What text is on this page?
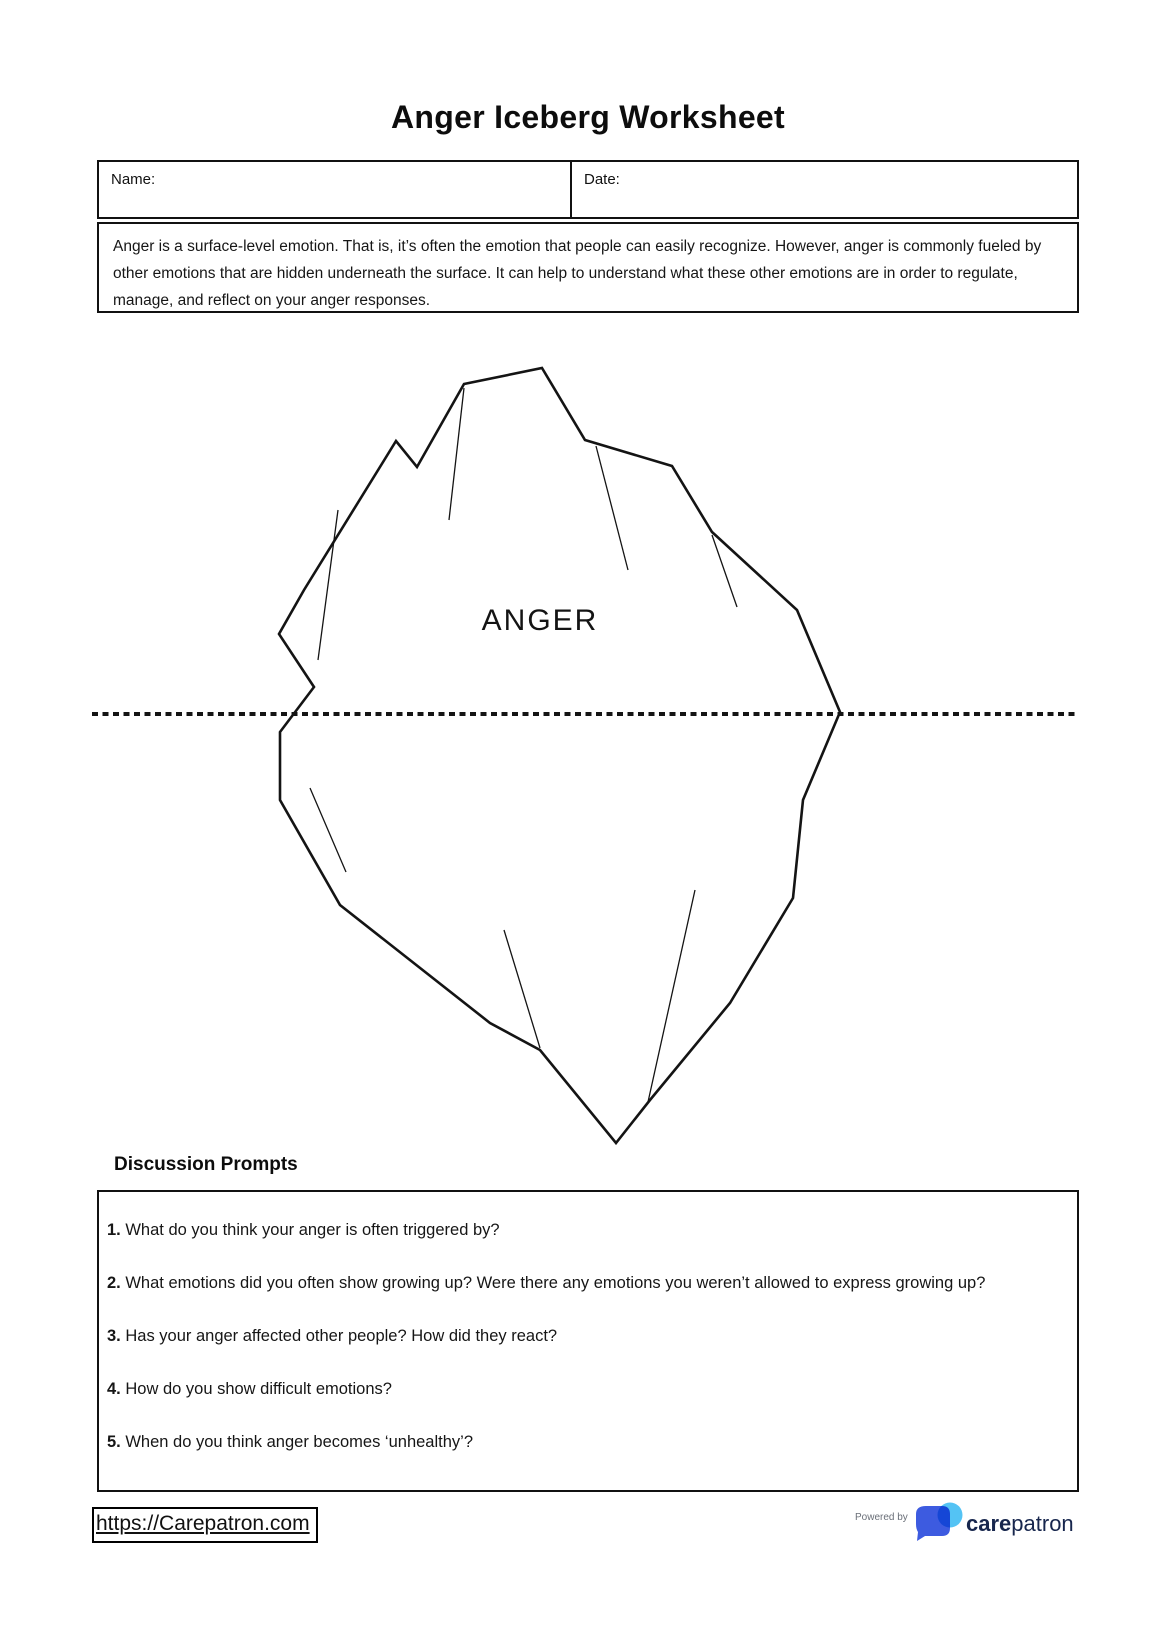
Anger Iceberg Worksheet
Name:	Date:
Anger is a surface-level emotion. That is, it’s often the emotion that people can easily recognize. However, anger is commonly fueled by other emotions that are hidden underneath the surface. It can help to understand what these other emotions are in order to regulate, manage, and reflect on your anger responses.
ANGER
Discussion Prompts

1. What do you think your anger is often triggered by?

2. What emotions did you often show growing up? Were there any emotions you weren’t allowed to express growing up?

3. Has your anger affected other people? How did they react?

4. How do you show difficult emotions?

5. When do you think anger becomes ‘unhealthy’?

https://Carepatron.com	Powered by	carepatron
